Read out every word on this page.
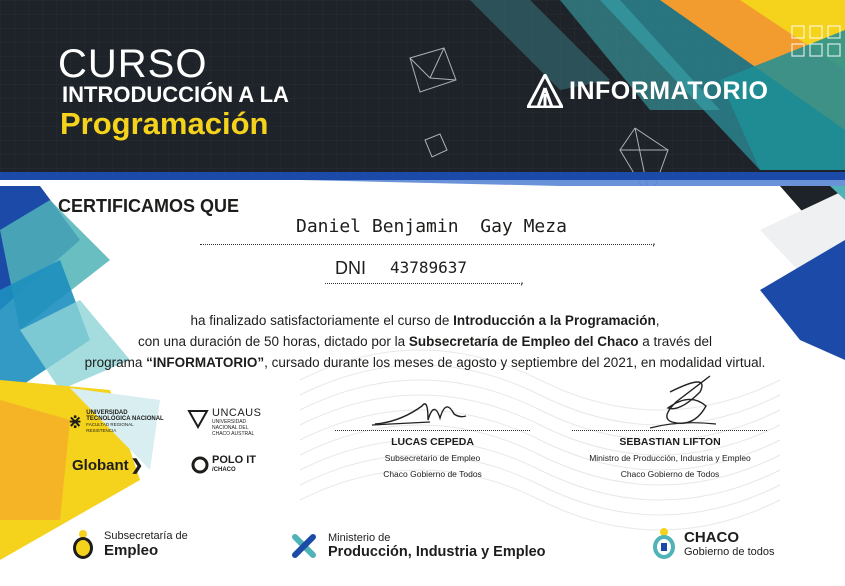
CURSO
INTRODUCCIÓN A LA
Programación
INFORMATORIO
CERTIFICAMOS QUE
Daniel Benjamin  Gay Meza
,
DNI 43789637
,
ha finalizado satisfactoriamente el curso de Introducción a la Programación,
con una duración de 50 horas, dictado por la Subsecretaría de Empleo del Chaco a través del
programa “INFORMATORIO”, cursado durante los meses de agosto y septiembre del 2021, en modalidad virtual.
LUCAS CEPEDA
Subsecretario de Empleo
Chaco Gobierno de Todos
SEBASTIAN LIFTON
Ministro de Producción, Industria y Empleo
Chaco Gobierno de Todos
⋇ UNIVERSIDAD
TECNOLÓGICA NACIONAL
FACULTAD REGIONAL
RESISTENCIA
UNCAUS
UNIVERSIDAD
NACIONAL DEL
CHACO AUSTRAL
Globant ❯	POLO IT
/CHACO
Subsecretaría de
Empleo
Ministerio de
Producción, Industria y Empleo
CHACO
Gobierno de todos
